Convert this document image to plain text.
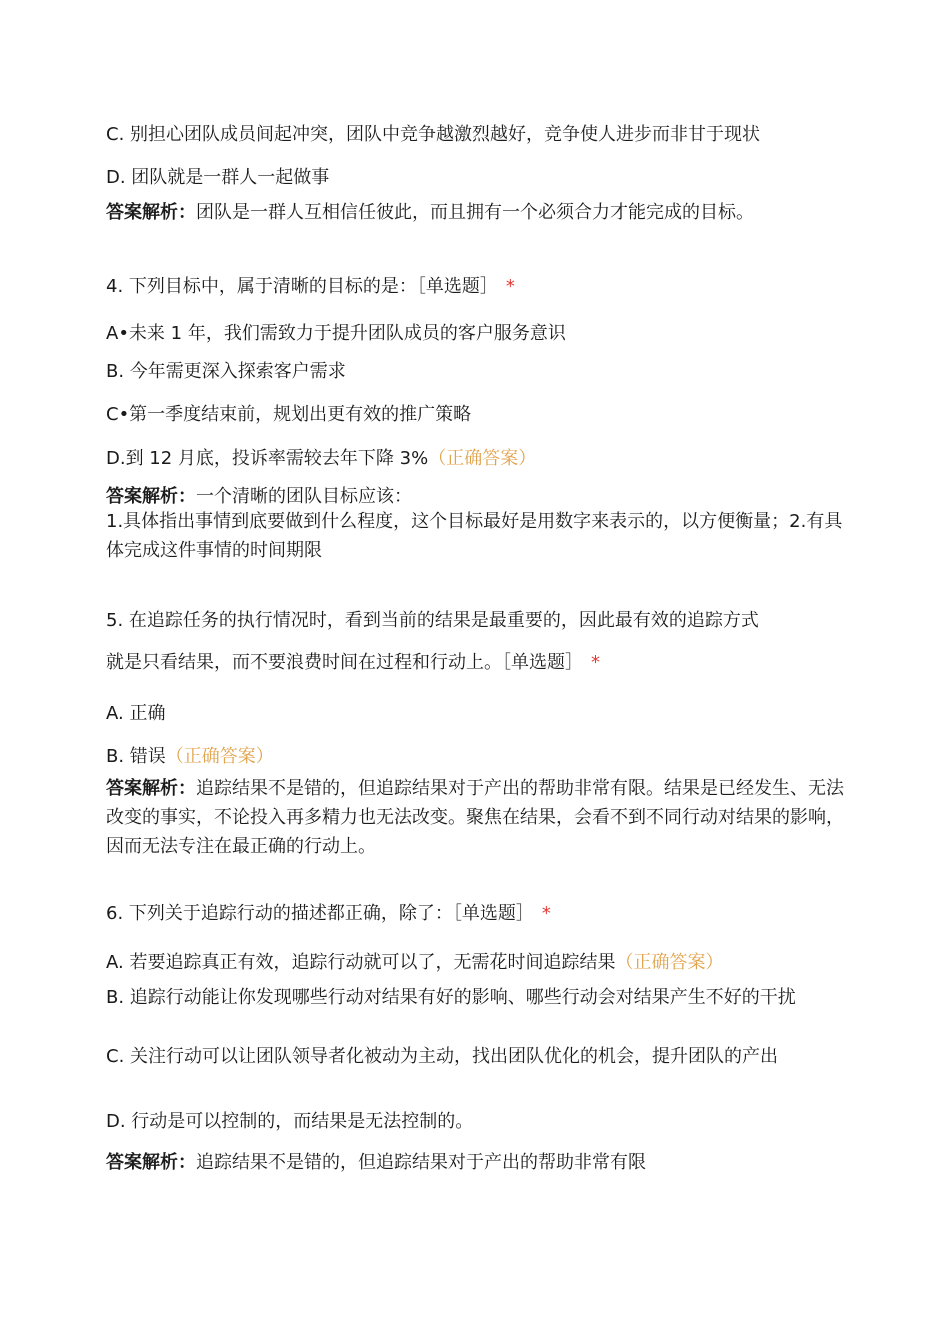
C. 别担心团队成员间起冲突，团队中竞争越激烈越好，竞争使人进步而非甘于现状
D. 团队就是一群人一起做事
答案解析：团队是一群人互相信任彼此，而且拥有一个必须合力才能完成的目标。
4. 下列目标中，属于清晰的目标的是：［单选题］ *
A•未来 1 年，我们需致力于提升团队成员的客户服务意识
B. 今年需更深入探索客户需求
C•第一季度结束前，规划出更有效的推广策略
D.到 12 月底，投诉率需较去年下降 3%（正确答案）
答案解析：一个清晰的团队目标应该：
1.具体指出事情到底要做到什么程度，这个目标最好是用数字来表示的，以方便衡量；2.有具体完成这件事情的时间期限
5. 在追踪任务的执行情况时，看到当前的结果是最重要的，因此最有效的追踪方式
就是只看结果，而不要浪费时间在过程和行动上。［单选题］ *
A. 正确
B. 错误（正确答案）
答案解析：追踪结果不是错的，但追踪结果对于产出的帮助非常有限。结果是已经发生、无法改变的事实，不论投入再多精力也无法改变。聚焦在结果，会看不到不同行动对结果的影响，因而无法专注在最正确的行动上。
6. 下列关于追踪行动的描述都正确，除了：［单选题］ *
A. 若要追踪真正有效，追踪行动就可以了，无需花时间追踪结果（正确答案）
B. 追踪行动能让你发现哪些行动对结果有好的影响、哪些行动会对结果产生不好的干扰
C. 关注行动可以让团队领导者化被动为主动，找出团队优化的机会，提升团队的产出
D. 行动是可以控制的，而结果是无法控制的。
答案解析：追踪结果不是错的，但追踪结果对于产出的帮助非常有限
